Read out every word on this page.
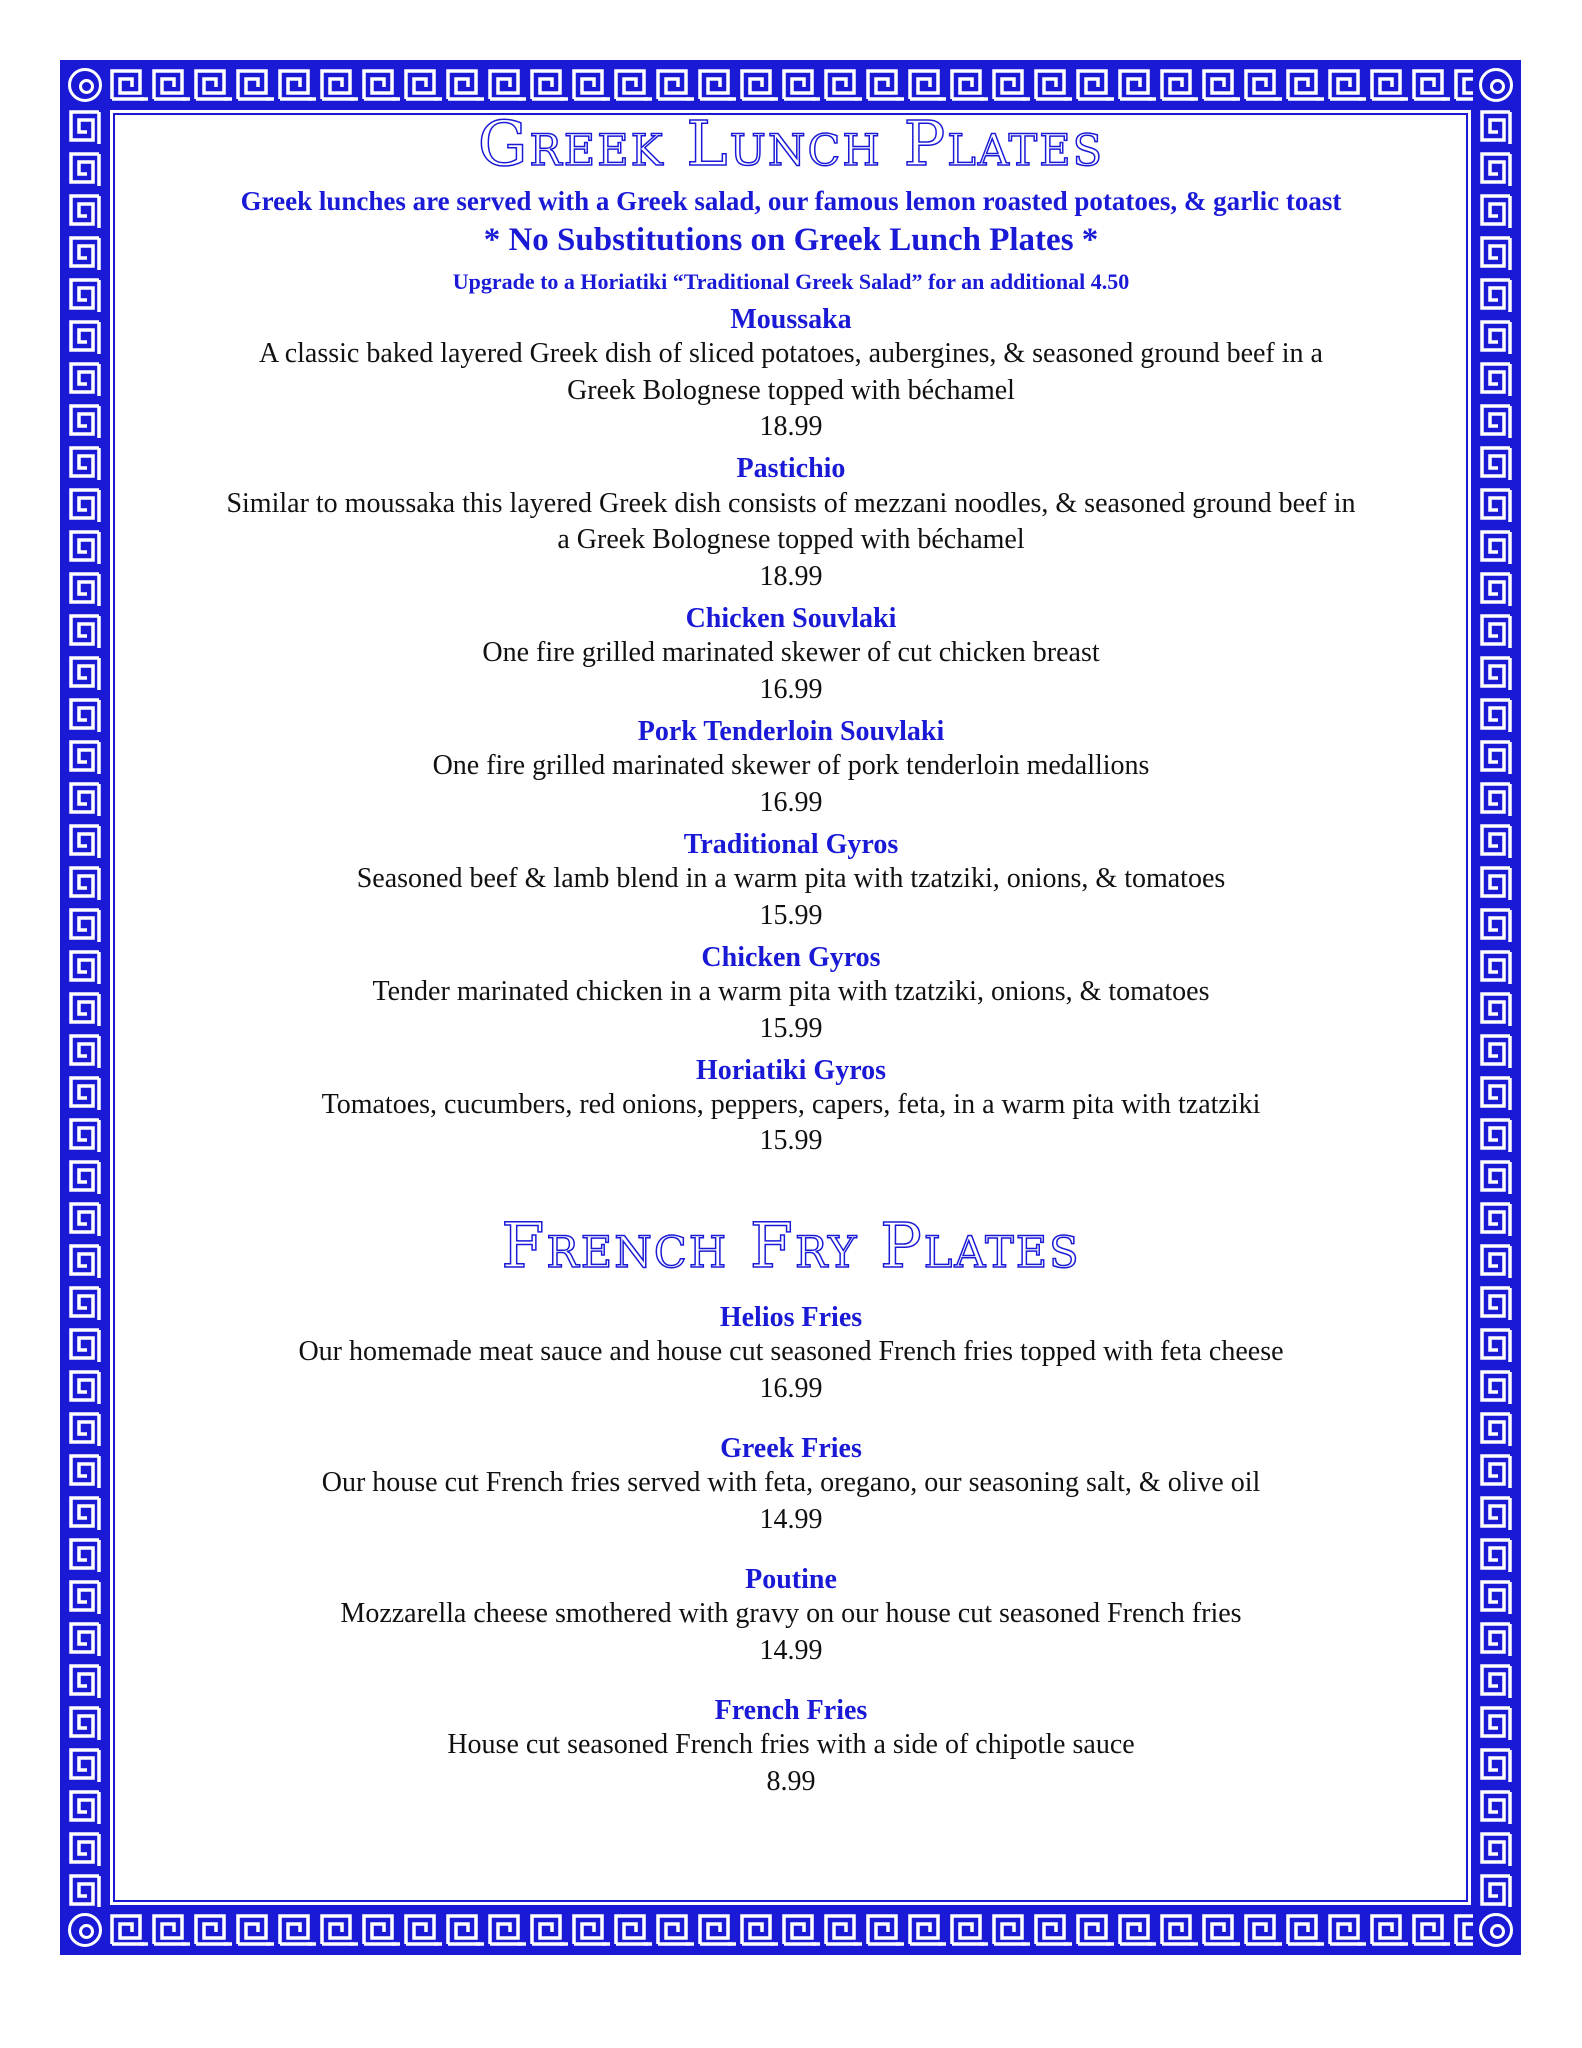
Greek Lunch Plates
Greek lunches are served with a Greek salad, our famous lemon roasted potatoes, & garlic toast
* No Substitutions on Greek Lunch Plates *
Upgrade to a Horiatiki “Traditional Greek Salad” for an additional 4.50
Moussaka
A classic baked layered Greek dish of sliced potatoes, aubergines, & seasoned ground beef in a Greek Bolognese topped with béchamel
18.99
Pastichio
Similar to moussaka this layered Greek dish consists of mezzani noodles, & seasoned ground beef in a Greek Bolognese topped with béchamel
18.99
Chicken Souvlaki
One fire grilled marinated skewer of cut chicken breast
16.99
Pork Tenderloin Souvlaki
One fire grilled marinated skewer of pork tenderloin medallions
16.99
Traditional Gyros
Seasoned beef & lamb blend in a warm pita with tzatziki, onions, & tomatoes
15.99
Chicken Gyros
Tender marinated chicken in a warm pita with tzatziki, onions, & tomatoes
15.99
Horiatiki Gyros
Tomatoes, cucumbers, red onions, peppers, capers, feta, in a warm pita with tzatziki
15.99
French Fry Plates
Helios Fries
Our homemade meat sauce and house cut seasoned French fries topped with feta cheese
16.99
Greek Fries
Our house cut French fries served with feta, oregano, our seasoning salt, & olive oil
14.99
Poutine
Mozzarella cheese smothered with gravy on our house cut seasoned French fries
14.99
French Fries
House cut seasoned French fries with a side of chipotle sauce
8.99
